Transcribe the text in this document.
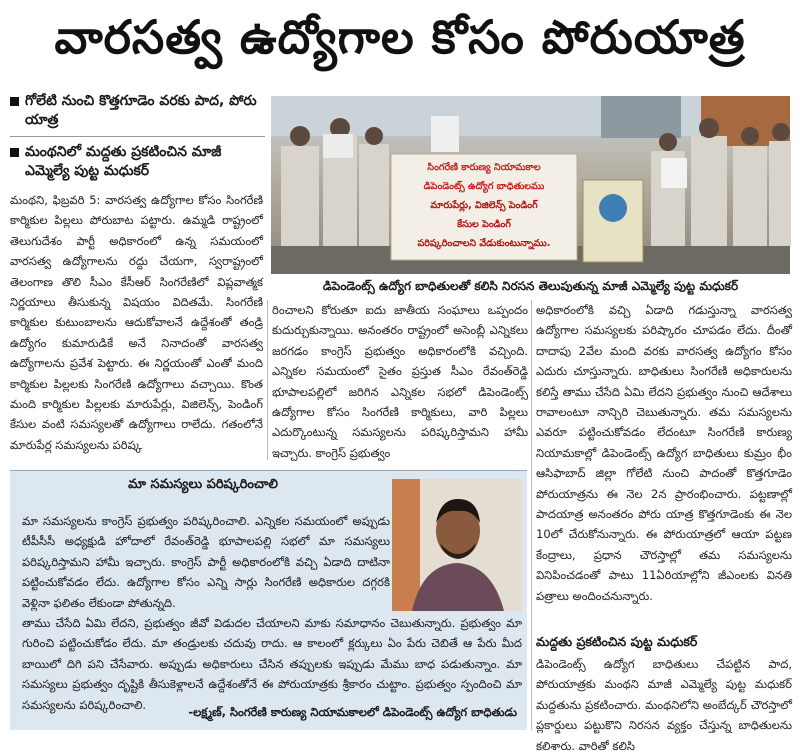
వారసత్వ ఉద్యోగాల కోసం పోరుయాత్ర
గోలేటి నుంచి కొత్తగూడెం వరకు పాద, పోరు యాత్ర
మంథనిలో మద్దతు ప్రకటించిన మాజీ ఎమ్మెల్యే పుట్ట మధుకర్	సింగరేణి కారుణ్య నియామకాల
డిపెండెంట్స్ ఉద్యోగ బాధితులము
మారుపేర్లు, విజిలెన్స్ పెండింగ్
కేసుల పెండింగ్
పరిష్కరించాలని వేడుకుంటున్నాము.
డిపెండెంట్స్ ఉద్యోగ బాధితులతో కలిసి నిరసన తెలుపుతున్న మాజీ ఎమ్మెల్యే పుట్ట మధుకర్
మంథని, ఫిబ్రవరి 5: వారసత్వ ఉద్యోగాల కోసం సింగరేణి కార్మికుల పిల్లలు పోరుబాట పట్టారు. ఉమ్మడి రాష్ట్రంలో తెలుగుదేశం పార్టీ అధికారంలో ఉన్న సమయంలో వారసత్వ ఉద్యోగాలను రద్దు చేయగా, స్వరాష్ట్రంలో తెలంగాణ తొలి సీఎం కేసీఆర్ సింగరేణిలో విప్లవాత్మక నిర్ణయాలు తీసుకున్న విషయం విదితమే. సింగరేణి కార్మికుల కుటుంబాలను ఆదుకోవాలనే ఉద్దేశంతో తండ్రి ఉద్యోగం కుమారుడికే అనే నినాదంతో వారసత్వ ఉద్యోగాలను ప్రవేశ పెట్టారు. ఈ నిర్ణయంతో ఎంతో మంది కార్మికుల పిల్లలకు సింగరేణి ఉద్యోగాలు వచ్చాయి. కొంత మంది కార్మికుల పిల్లలకు మారుపేర్లు, విజిలెన్స్, పెండింగ్ కేసుల వంటి సమస్యలతో ఉద్యోగాలు రాలేదు. గతంలోనే మారుపేర్ల సమస్యలను పరిష్క
రించాలని కోరుతూ ఐదు జాతీయ సంఘాలు ఒప్పందం కుదుర్చుకున్నాయి. అనంతరం రాష్ట్రంలో అసెంబ్లీ ఎన్నికలు జరగడం కాంగ్రెస్ ప్రభుత్వం అధికారంలోకి వచ్చింది. ఎన్నికల సమయంలో సైతం ప్రస్తుత సీఎం రేవంత్‌రెడ్డి భూపాలపల్లిలో జరిగిన ఎన్నికల సభలో డిపెండెంట్స్ ఉద్యోగాల కోసం సింగరేణి కార్మికులు, వారి పిల్లలు ఎదుర్కొంటున్న సమస్యలను పరిష్కరిస్తామని హామీ ఇచ్చారు. కాంగ్రెస్ ప్రభుత్వం
అధికారంలోకి వచ్చి ఏడాది గడుస్తున్నా వారసత్వ ఉద్యోగాల సమస్యలకు పరిష్కారం చూపడం లేదు. దీంతో దాదాపు 2వేల మంది వరకు వారసత్వ ఉద్యోగం కోసం ఎదురు చూస్తున్నారు. బాధితులు సింగరేణి అధికారులను కలిస్తే తాము చేసేది ఏమి లేదని ప్రభుత్వం నుంచి ఆదేశాలు రావాలంటూ నాన్చిరి చెబుతున్నారు. తమ సమస్యలను ఎవరూ పట్టించుకోవడం లేదంటూ సింగరేణి కారుణ్య నియామకాల్లో డిపెండెంట్స్ ఉద్యోగ బాధితులు కుమ్రం భీం ఆసిఫాబాద్ జిల్లా గోలేటి నుంచి పాదంతో కొత్తగూడెం పోరుయాత్రను ఈ నెల 2న ప్రారంభించారు. పట్టణాల్లో పాదయాత్ర అనంతరం పోరు యాత్ర కొత్తగూడెంకు ఈ నెల 10లో చేరుకోనున్నారు. ఈ పోరుయాత్రలో ఆయా పట్టణ కేంద్రాలు, ప్రధాన చౌరస్తాల్లో తమ సమస్యలను వినిపించడంతో పాటు 11ఏరియాల్లోని జీఎంలకు వినతి పత్రాలు అందించనున్నారు.
మా సమస్యలు పరిష్కరించాలి
మా సమస్యలను కాంగ్రెస్ ప్రభుత్వం పరిష్కరించాలి. ఎన్నికల సమయంలో అప్పుడు టీపీసీసీ అధ్యక్షుడి హోదాలో రేవంత్‌రెడ్డి భూపాలపల్లి సభలో మా సమస్యలు పరిష్కరిస్తామని హామీ ఇచ్చారు. కాంగ్రెస్ పార్టీ అధికారంలోకి వచ్చి ఏడాది దాటినా పట్టించుకోవడం లేదు. ఉద్యోగాల కోసం ఎన్ని సార్లు సింగరేణి అధికారుల దగ్గరకి వెళ్లినా ఫలితం లేకుండా పోతున్నది.
తాము చేసేది ఏమి లేదని, ప్రభుత్వం జీవో విడుదల చేయాలని మాకు సమాధానం చెబుతున్నారు. ప్రభుత్వం మా గురించి పట్టించుకోడం లేదు. మా తండ్రులకు చదువు రాదు. ఆ కాలంలో క్లర్కులు ఏం పేరు చెబితే ఆ పేరు మీద బాయిలో దిగి పని చేసేవారు. అప్పుడు అధికారులు చేసిన తప్పులకు ఇప్పుడు మేము బాధ పడుతున్నాం. మా సమస్యలు ప్రభుత్వం దృష్టికి తీసుకెళ్లాలనే ఉద్దేశంతోనే ఈ పోరుయాత్రకు శ్రీకారం చుట్టాం. ప్రభుత్వం స్పందించి మా సమస్యలను పరిష్కరించాలి.
-లక్ష్మణ్, సింగరేణి కారుణ్య నియామకాలలో డిపెండెంట్స్ ఉద్యోగ బాధితుడు
మద్దతు ప్రకటించిన పుట్ట మధుకర్
డిపెండెంట్స్ ఉద్యోగ బాధితులు చేపట్టిన పాద, పోరుయాత్రకు మంథని మాజీ ఎమ్మెల్యే పుట్ట మధుకర్ మద్దతును ప్రకటించారు. మంథనిలోని అంబేద్కర్ చౌరస్తాలో ప్లకార్డులు పట్టుకొని నిరసన వ్యక్తం చేస్తున్న బాధితులను కలిశారు. వారితో కలిసి
